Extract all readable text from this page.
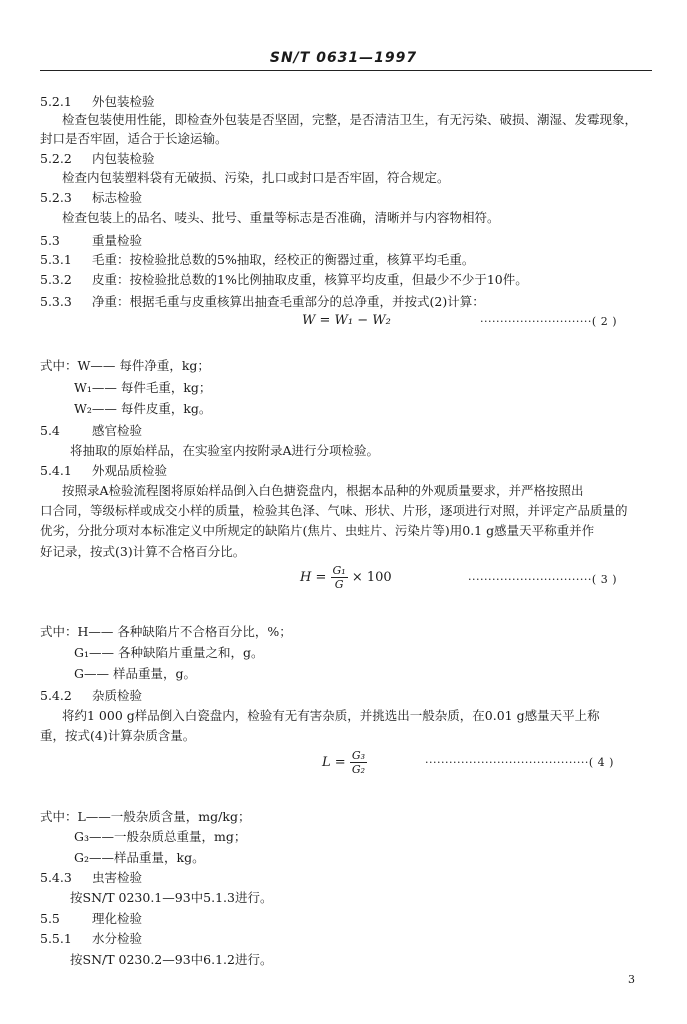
SN/T 0631—1997
5.2.1 外包装检验
检查包装使用性能，即检查外包装是否坚固，完整，是否清洁卫生，有无污染、破损、潮湿、发霉现象，
封口是否牢固，适合于长途运输。
5.2.2 内包装检验
检查内包装塑料袋有无破损、污染，扎口或封口是否牢固，符合规定。
5.2.3 标志检验
检查包装上的品名、唛头、批号、重量等标志是否准确，清晰并与内容物相符。
5.3	重量检验
5.3.1 毛重：按检验批总数的5%抽取，经校正的衡器过重，核算平均毛重。
5.3.2 皮重：按检验批总数的1%比例抽取皮重，核算平均皮重，但最少不少于10件。
5.3.3 净重：根据毛重与皮重核算出抽查毛重部分的总净重，并按式(2)计算：
W = W₁ − W₂	····························( 2 )
式中：W—— 每件净重，kg；
W₁—— 每件毛重，kg；
W₂—— 每件皮重，kg。
5.4	感官检验
将抽取的原始样品，在实验室内按附录A进行分项检验。
5.4.1 外观品质检验
按照录A检验流程图将原始样品倒入白色搪瓷盘内，根据本品种的外观质量要求，并严格按照出
口合同，等级标样或成交小样的质量，检验其色泽、气味、形状、片形，逐项进行对照，并评定产品质量的
优劣，分批分项对本标准定义中所规定的缺陷片(焦片、虫蛀片、污染片等)用0.1 g感量天平称重并作
好记录，按式(3)计算不合格百分比。
$H = \frac{\text{G₁}}{G} \times 100$	·······························( 3 )
式中：H—— 各种缺陷片不合格百分比，%；
G₁—— 各种缺陷片重量之和，g。
G—— 样品重量，g。
5.4.2 杂质检验
将约1 000 g样品倒入白瓷盘内，检验有无有害杂质，并挑选出一般杂质，在0.01 g感量天平上称
重，按式(4)计算杂质含量。
$L = \frac{\text{G₃}}{\text{G₂}}$	·········································( 4 )
式中：L——一般杂质含量，mg/kg；
G₃——一般杂质总重量，mg；
G₂——样品重量，kg。
5.4.3 虫害检验
按SN/T 0230.1—93中5.1.3进行。
5.5	理化检验
5.5.1 水分检验
按SN/T 0230.2—93中6.1.2进行。
3
